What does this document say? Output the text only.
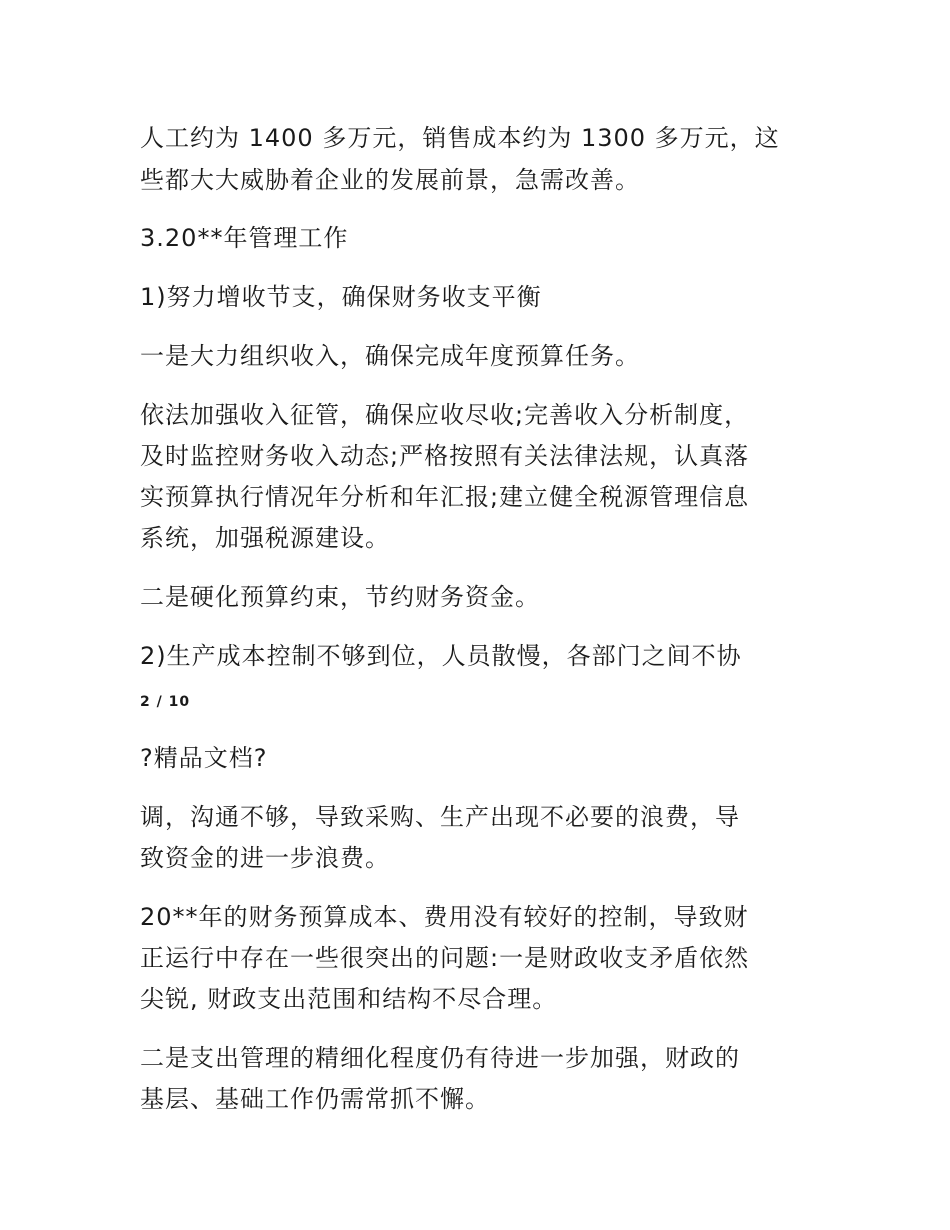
人工约为 1400 多万元，销售成本约为 1300 多万元，这
些都大大威胁着企业的发展前景，急需改善。
3.20**年管理工作
1)努力增收节支，确保财务收支平衡
一是大力组织收入，确保完成年度预算任务。
依法加强收入征管，确保应收尽收;完善收入分析制度，
及时监控财务收入动态;严格按照有关法律法规，认真落
实预算执行情况年分析和年汇报;建立健全税源管理信息
系统，加强税源建设。
二是硬化预算约束，节约财务资金。
2)生产成本控制不够到位，人员散慢，各部门之间不协
2 / 10
?精品文档?
调，沟通不够，导致采购、生产出现不必要的浪费，导
致资金的进一步浪费。
20**年的财务预算成本、费用没有较好的控制，导致财
正运行中存在一些很突出的问题:一是财政收支矛盾依然
尖锐, 财政支出范围和结构不尽合理。
二是支出管理的精细化程度仍有待进一步加强，财政的
基层、基础工作仍需常抓不懈。
